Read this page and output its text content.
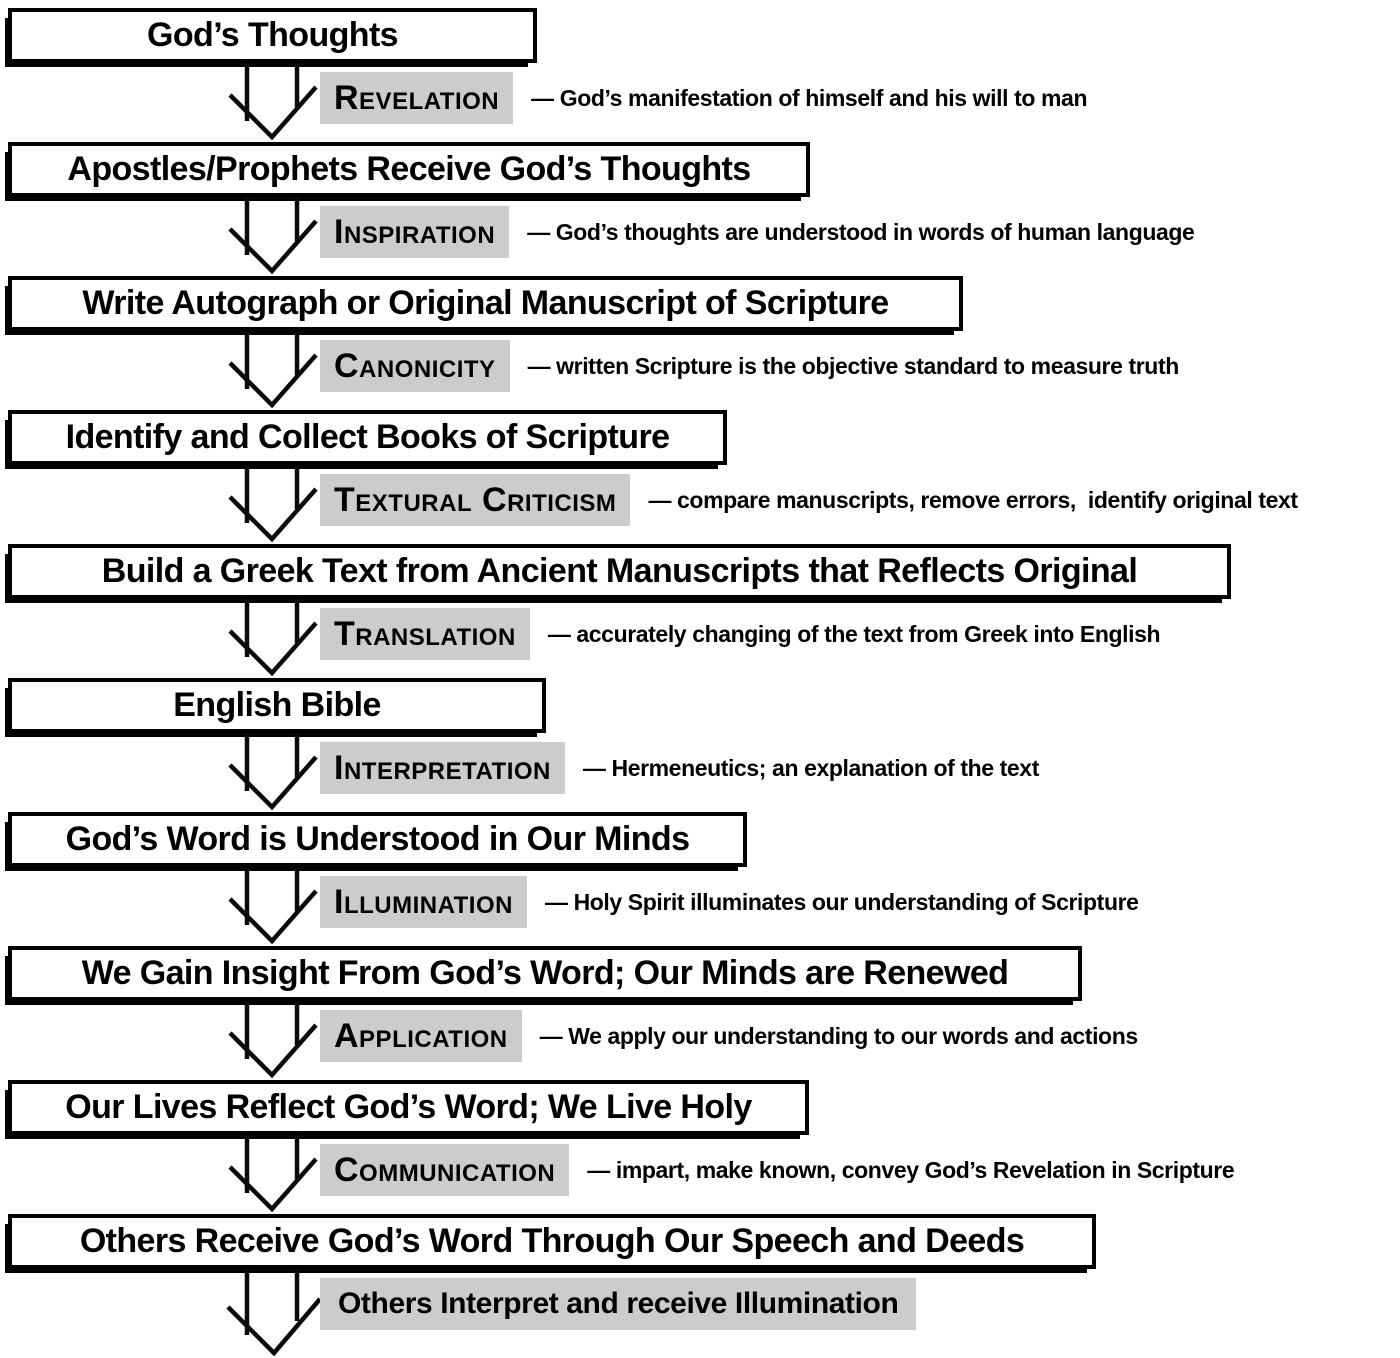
God’s Thoughts
Revelation	— God’s manifestation of himself and his will to man
Apostles/Prophets Receive God’s Thoughts
Inspiration	— God’s thoughts are understood in words of human language
Write Autograph or Original Manuscript of Scripture
Canonicity	— written Scripture is the objective standard to measure truth
Identify and Collect Books of Scripture
Textural Criticism	— compare manuscripts, remove errors,  identify original text
Build a Greek Text from Ancient Manuscripts that Reflects Original
Translation	— accurately changing of the text from Greek into English
English Bible
Interpretation	— Hermeneutics; an explanation of the text
God’s Word is Understood in Our Minds
Illumination	— Holy Spirit illuminates our understanding of Scripture
We Gain Insight From God’s Word; Our Minds are Renewed
Application	— We apply our understanding to our words and actions
Our Lives Reflect God’s Word; We Live Holy
Communication	— impart, make known, convey God’s Revelation in Scripture
Others Receive God’s Word Through Our Speech and Deeds
Others Interpret and receive Illumination
